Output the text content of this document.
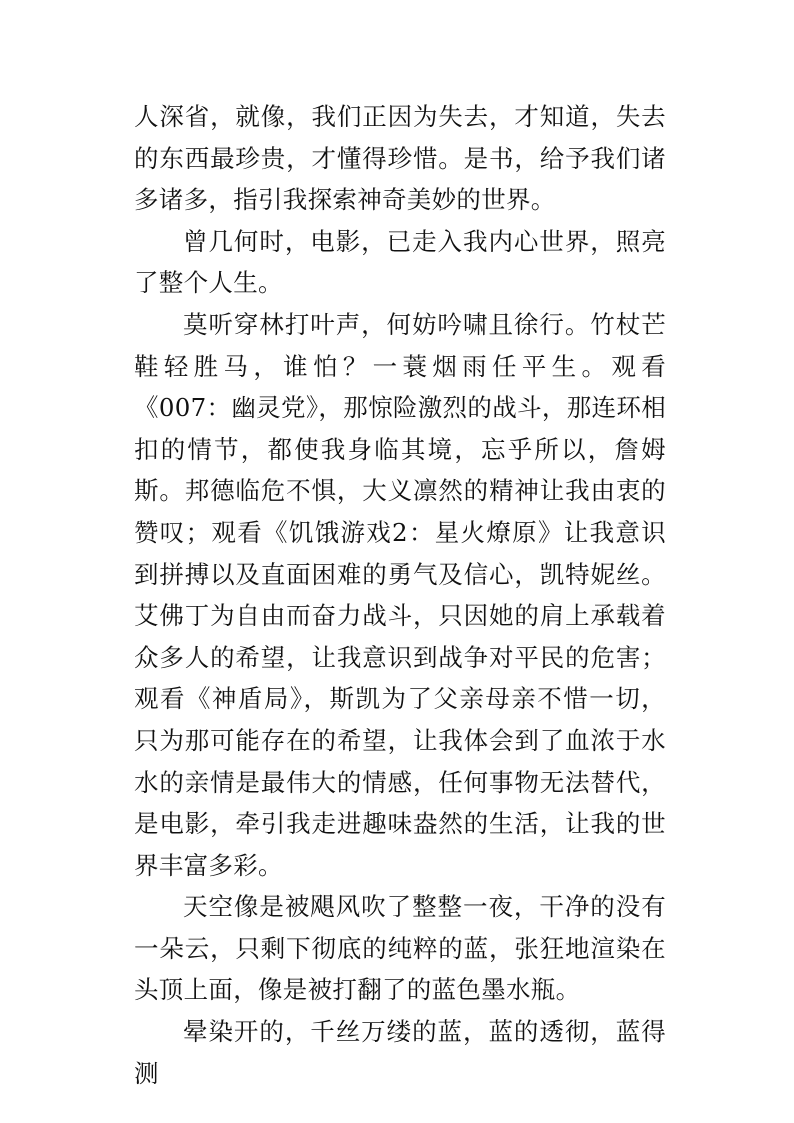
人深省，就像，我们正因为失去，才知道，失去的东西最珍贵，才懂得珍惜。是书，给予我们诸多诸多，指引我探索神奇美妙的世界。

曾几何时，电影，已走入我内心世界，照亮了整个人生。

莫听穿林打叶声，何妨吟啸且徐行。竹杖芒鞋轻胜马，谁怕？一蓑烟雨任平生。观看《007：幽灵党》，那惊险激烈的战斗，那连环相扣的情节，都使我身临其境，忘乎所以，詹姆斯。邦德临危不惧，大义凛然的精神让我由衷的赞叹；观看《饥饿游戏2：星火燎原》让我意识到拼搏以及直面困难的勇气及信心，凯特妮丝。艾佛丁为自由而奋力战斗，只因她的肩上承载着众多人的希望，让我意识到战争对平民的危害；观看《神盾局》，斯凯为了父亲母亲不惜一切，只为那可能存在的希望，让我体会到了血浓于水水的亲情是最伟大的情感，任何事物无法替代，是电影，牵引我走进趣味盎然的生活，让我的世界丰富多彩。

天空像是被飓风吹了整整一夜，干净的没有一朵云，只剩下彻底的纯粹的蓝，张狂地渲染在头顶上面，像是被打翻了的蓝色墨水瓶。

晕染开的，千丝万缕的蓝，蓝的透彻，蓝得测
